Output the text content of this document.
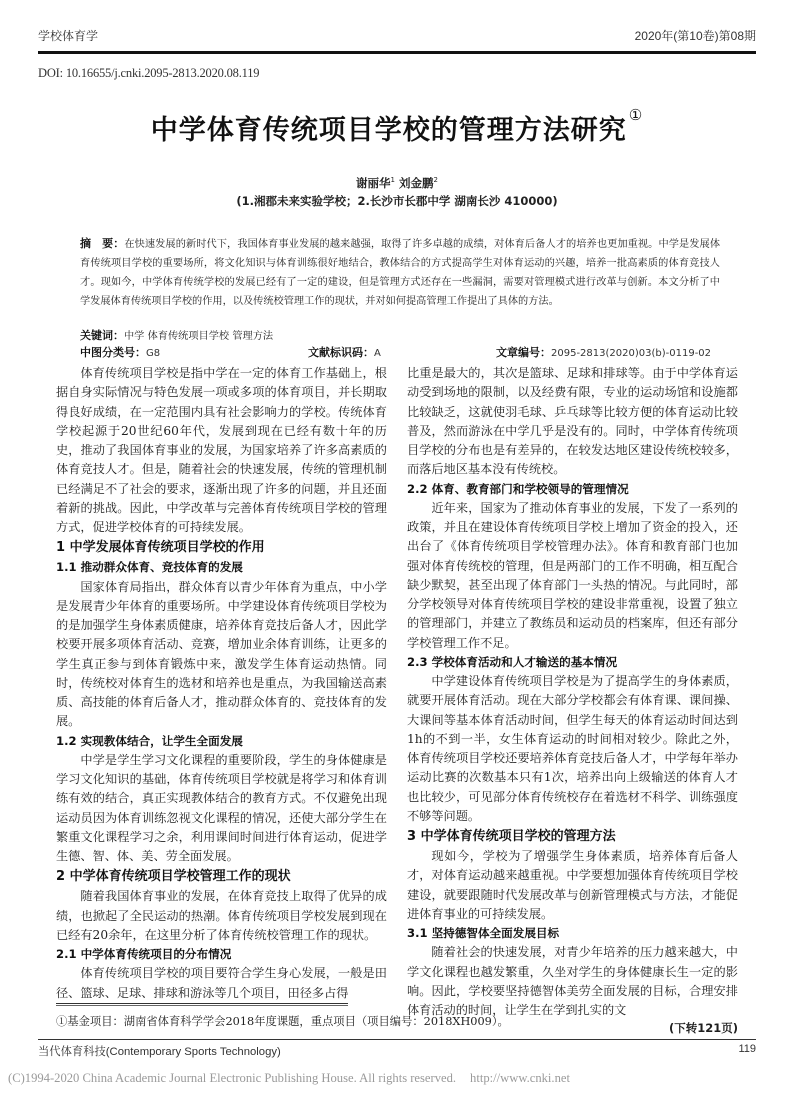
学校体育学	2020年(第10卷)第08期
DOI: 10.16655/j.cnki.2095-2813.2020.08.119
中学体育传统项目学校的管理方法研究 ①
谢丽华$^1$ 刘金鹏$^2$
(1.湘郡未来实验学校；2.长沙市长郡中学 湖南长沙 410000)
摘　要：在快速发展的新时代下，我国体育事业发展的越来越强，取得了许多卓越的成绩，对体育后备人才的培养也更加重视。中学是发展体育传统项目学校的重要场所，将文化知识与体育训练很好地结合，教体结合的方式提高学生对体育运动的兴趣，培养一批高素质的体育竞技人才。现如今，中学体育传统学校的发展已经有了一定的建设，但是管理方式还存在一些漏洞，需要对管理模式进行改革与创新。本文分析了中学发展体育传统项目学校的作用，以及传统校管理工作的现状，并对如何提高管理工作提出了具体的方法。
关键词：中学 体育传统项目学校 管理方法
中图分类号：G8	文献标识码：A	文章编号：2095-2813(2020)03(b)-0119-02

体育传统项目学校是指中学在一定的体育工作基础上，根据自身实际情况与特色发展一项或多项的体育项目，并长期取得良好成绩，在一定范围内具有社会影响力的学校。传统体育学校起源于20世纪60年代，发展到现在已经有数十年的历史，推动了我国体育事业的发展，为国家培养了许多高素质的体育竞技人才。但是，随着社会的快速发展，传统的管理机制已经满足不了社会的要求，逐渐出现了许多的问题，并且还面着新的挑战。因此，中学改革与完善体育传统项目学校的管理方式，促进学校体育的可持续发展。

1 中学发展体育传统项目学校的作用

1.1 推动群众体育、竞技体育的发展

国家体育局指出，群众体育以青少年体育为重点，中小学是发展青少年体育的重要场所。中学建设体育传统项目学校为的是加强学生身体素质健康，培养体育竞技后备人才，因此学校要开展多项体育活动、竞赛，增加业余体育训练，让更多的学生真正参与到体育锻炼中来，激发学生体育运动热情。同时，传统校对体育生的选材和培养也是重点，为我国输送高素质、高技能的体育后备人才，推动群众体育的、竞技体育的发展。

1.2 实现教体结合，让学生全面发展

中学是学生学习文化课程的重要阶段，学生的身体健康是学习文化知识的基础，体育传统项目学校就是将学习和体育训练有效的结合，真正实现教体结合的教育方式。不仅避免出现运动员因为体育训练忽视文化课程的情况，还使大部分学生在繁重文化课程学习之余，利用课间时间进行体育运动，促进学生德、智、体、美、劳全面发展。

2 中学体育传统项目学校管理工作的现状

随着我国体育事业的发展，在体育竞技上取得了优异的成绩，也掀起了全民运动的热潮。体育传统项目学校发展到现在已经有20余年，在这里分析了体育传统校管理工作的现状。

2.1 中学体育传统项目的分布情况

体育传统项目学校的项目要符合学生身心发展，一般是田径、篮球、足球、排球和游泳等几个项目，田径多占得

比重是最大的，其次是篮球、足球和排球等。由于中学体育运动受到场地的限制，以及经费有限，专业的运动场馆和设施都比较缺乏，这就使羽毛球、乒乓球等比较方便的体育运动比较普及，然而游泳在中学几乎是没有的。同时，中学体育传统项目学校的分布也是有差异的，在较发达地区建设传统校较多，而落后地区基本没有传统校。

2.2 体育、教育部门和学校领导的管理情况

近年来，国家为了推动体育事业的发展，下发了一系列的政策，并且在建设体育传统项目学校上增加了资金的投入，还出台了《体育传统项目学校管理办法》。体育和教育部门也加强对体育传统校的管理，但是两部门的工作不明确，相互配合缺少默契，甚至出现了体育部门一头热的情况。与此同时，部分学校领导对体育传统项目学校的建设非常重视，设置了独立的管理部门，并建立了教练员和运动员的档案库，但还有部分学校管理工作不足。

2.3 学校体育活动和人才输送的基本情况

中学建设体育传统项目学校是为了提高学生的身体素质，就要开展体育活动。现在大部分学校都会有体育课、课间操、大课间等基本体育活动时间，但学生每天的体育运动时间达到1h的不到一半，女生体育运动的时间相对较少。除此之外，体育传统项目学校还要培养体育竞技后备人才，中学每年举办运动比赛的次数基本只有1次，培养出向上级输送的体育人才也比较少，可见部分体育传统校存在着选材不科学、训练强度不够等问题。

3 中学体育传统项目学校的管理方法

现如今，学校为了增强学生身体素质，培养体育后备人才，对体育运动越来越重视。中学要想加强体育传统项目学校建设，就要跟随时代发展改革与创新管理模式与方法，才能促进体育事业的可持续发展。

3.1 坚持德智体全面发展目标

随着社会的快速发展，对青少年培养的压力越来越大，中学文化课程也越发繁重，久坐对学生的身体健康长生一定的影响。因此，学校要坚持德智体美劳全面发展的目标，合理安排体育活动的时间，让学生在学到扎实的文

(下转121页)

①基金项目：湖南省体育科学学会2018年度课题，重点项目（项目编号：2018XH009）。
当代体育科技(Contemporary Sports Technology)	119
(C)1994-2020 China Academic Journal Electronic Publishing House. All rights reserved. http://www.cnki.net
